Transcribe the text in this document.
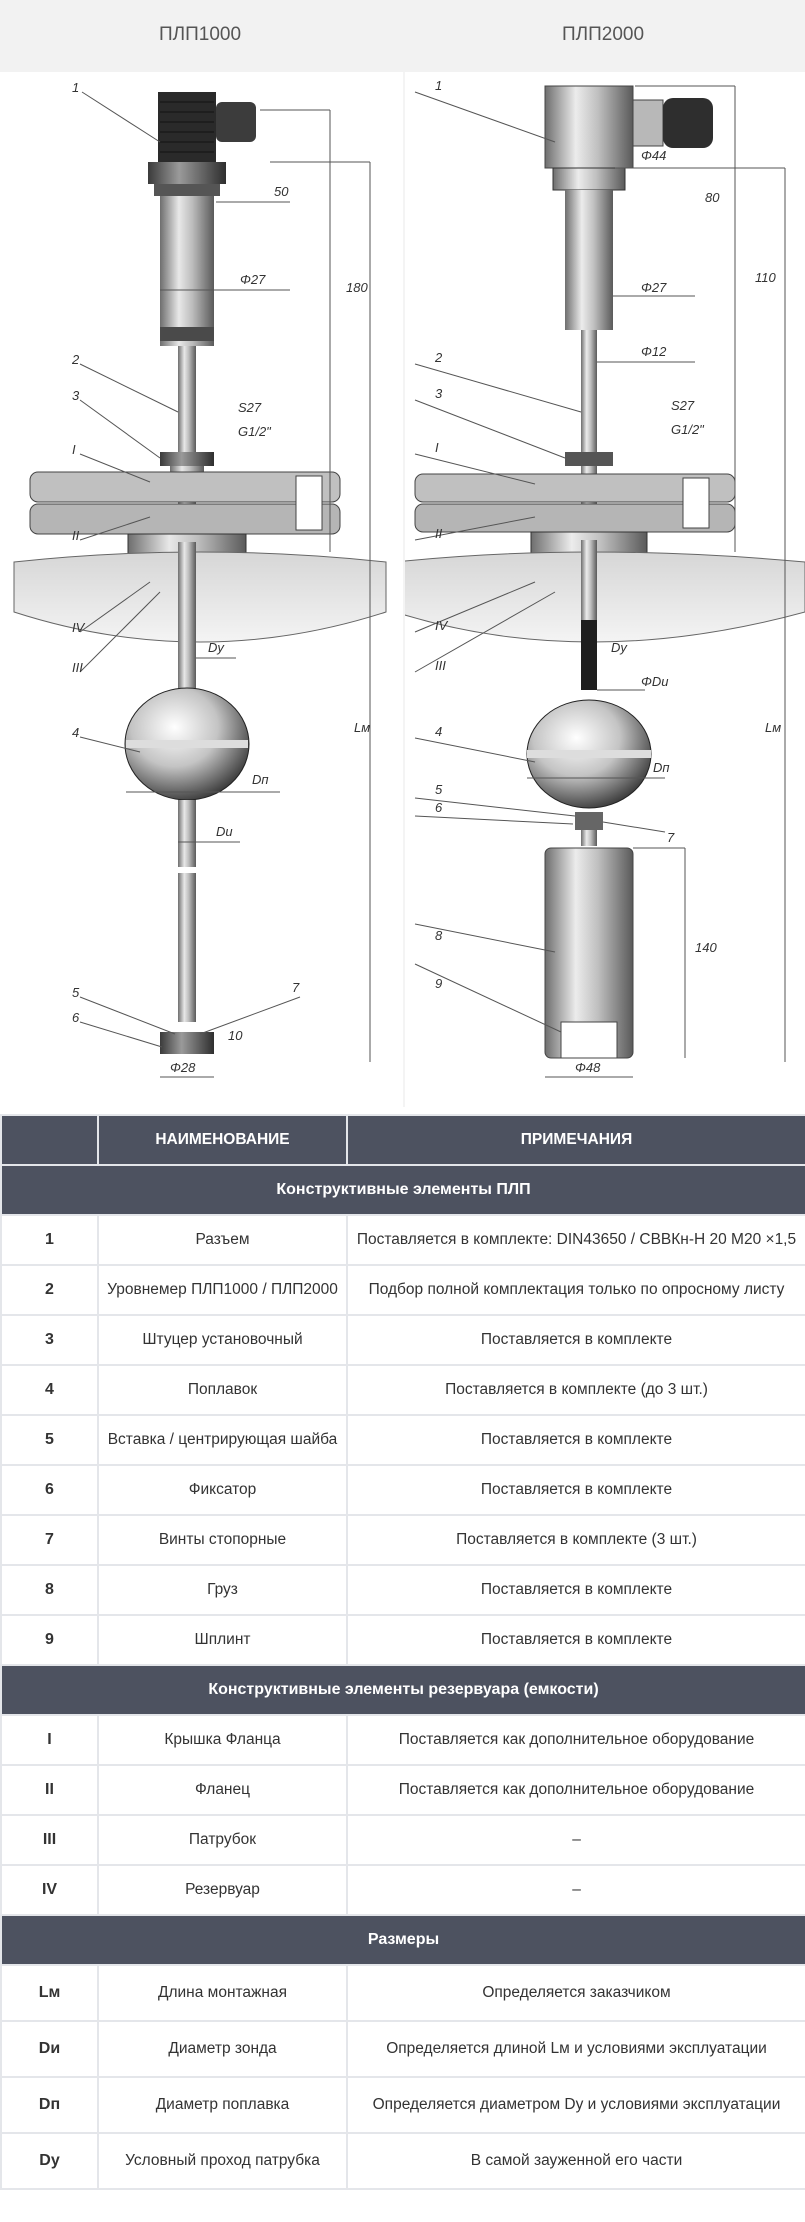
ПЛП1000	ПЛП2000
1
2
3
I
II
IV
III
4
5
6
7
50
Φ27
S27
G1/2"
180
Dy
Dп
Dи
Lм
10
Φ28
1
2
3
I
II
IV
III
4
5
6
7
8
9
Φ44
80
Φ27
Φ12
S27
G1/2"
110
Dy
ΦDи
Dп
Lм
140
Φ48
	НАИМЕНОВАНИЕ	ПРИМЕЧАНИЯ
Конструктивные элементы ПЛП		
1	Разъем	Поставляется в комплекте: DIN43650 / СВВКн-Н 20 М20 ×1,5
2	Уровнемер ПЛП1000 / ПЛП2000	Подбор полной комплектация только по опросному листу
3	Штуцер установочный	Поставляется в комплекте
4	Поплавок	Поставляется в комплекте (до 3 шт.)
5	Вставка / центрирующая шайба	Поставляется в комплекте
6	Фиксатор	Поставляется в комплекте
7	Винты стопорные	Поставляется в комплекте (3 шт.)
8	Груз	Поставляется в комплекте
9	Шплинт	Поставляется в комплекте
Конструктивные элементы резервуара (емкости)		
I	Крышка Фланца	Поставляется как дополнительное оборудование
II	Фланец	Поставляется как дополнительное оборудование
III	Патрубок	–
IV	Резервуар	–
Размеры		
Lм	Длина монтажная	Определяется заказчиком
Dи	Диаметр зонда	Определяется длиной Lм и условиями эксплуатации
Dп	Диаметр поплавка	Определяется диаметром Dy и условиями эксплуатации
Dy	Условный проход патрубка	В самой зауженной его части
